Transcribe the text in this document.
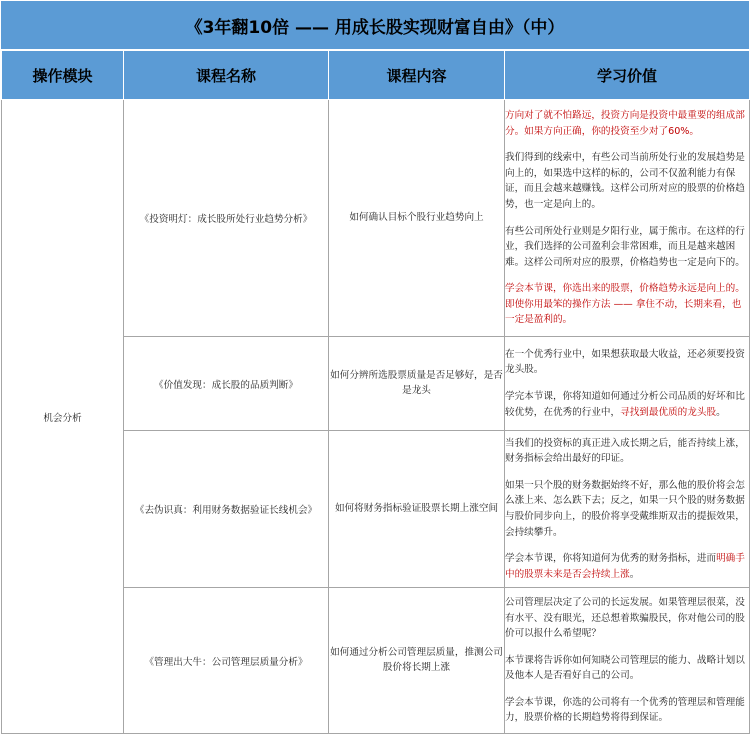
《3年翻10倍 —— 用成长股实现财富自由》（中）
操作模块	课程名称	课程内容	学习价值
机会分析	《投资明灯：成长股所处行业趋势分析》	如何确认目标个股行业趋势向上	方向对了就不怕路远，投资方向是投资中最重要的组成部分。如果方向正确，你的投资至少对了60%。

我们得到的线索中，有些公司当前所处行业的发展趋势是向上的，如果选中这样的标的，公司不仅盈利能力有保证，而且会越来越赚钱。这样公司所对应的股票的价格趋势，也一定是向上的。

有些公司所处行业则是夕阳行业，属于熊市。在这样的行业，我们选择的公司盈利会非常困难，而且是越来越困难。这样公司所对应的股票，价格趋势也一定是向下的。

学会本节课，你选出来的股票，价格趋势永远是向上的。即使你用最笨的操作方法 —— 拿住不动，长期来看，也一定是盈利的。

	《价值发现：成长股的品质判断》	如何分辨所选股票质量是否足够好，是否是龙头	在一个优秀行业中，如果想获取最大收益，还必须要投资龙头股。

学完本节课，你将知道如何通过分析公司品质的好坏和比较优势，在优秀的行业中，寻找到最优质的龙头股。

	《去伪识真：利用财务数据验证长线机会》	如何将财务指标验证股票长期上涨空间	当我们的投资标的真正进入成长期之后，能否持续上涨，财务指标会给出最好的印证。

如果一只个股的财务数据始终不好，那么他的股价将会怎么涨上来、怎么跌下去；反之，如果一只个股的财务数据与股价同步向上，的股价将享受戴维斯双击的提振效果，会持续攀升。

学会本节课，你将知道何为优秀的财务指标，进而明确手中的股票未来是否会持续上涨。

	《管理出大牛：公司管理层质量分析》	如何通过分析公司管理层质量，推测公司股价将长期上涨	公司管理层决定了公司的长远发展。如果管理层很菜，没有水平、没有眼光，还总想着欺骗股民，你对他公司的股价可以报什么希望呢？

本节课将告诉你如何知晓公司管理层的能力、战略计划以及他本人是否看好自己的公司。

学会本节课，你选的公司将有一个优秀的管理层和管理能力，股票价格的长期趋势将得到保证。
